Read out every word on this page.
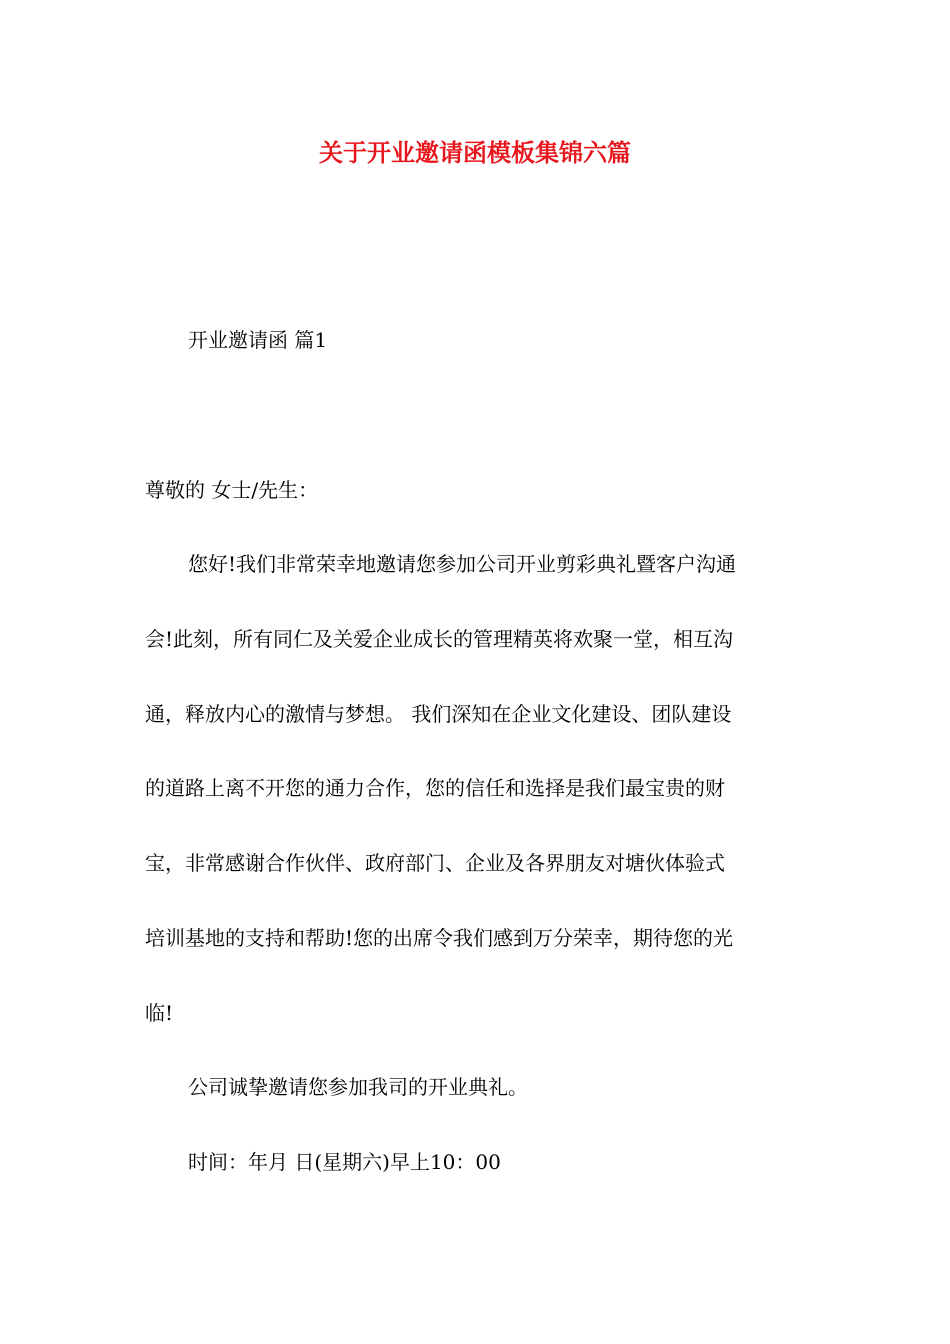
关于开业邀请函模板集锦六篇
开业邀请函 篇1
尊敬的 女士/先生：
您好!我们非常荣幸地邀请您参加公司开业剪彩典礼暨客户沟通
会!此刻，所有同仁及关爱企业成长的管理精英将欢聚一堂，相互沟
通，释放内心的激情与梦想。 我们深知在企业文化建设、团队建设
的道路上离不开您的通力合作，您的信任和选择是我们最宝贵的财
宝，非常感谢合作伙伴、政府部门、企业及各界朋友对塘伙体验式
培训基地的支持和帮助!您的出席令我们感到万分荣幸，期待您的光
临!
公司诚挚邀请您参加我司的开业典礼。
时间：年月 日(星期六)早上10：00
